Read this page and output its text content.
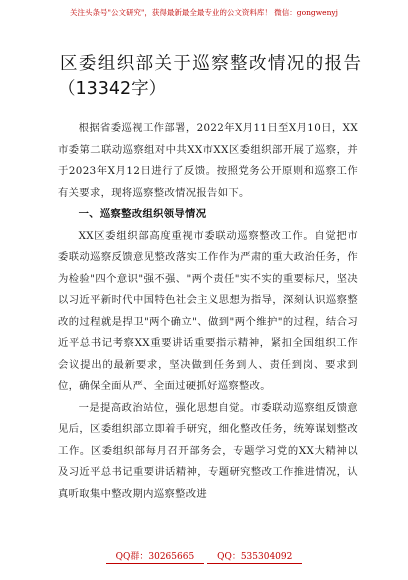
关注头条号"公文研究"，获得最新最全最专业的公文资料库！ 微信：gongwenyj
区委组织部关于巡察整改情况的报告
（13342字）

根据省委巡视工作部署，2022年X月11日至X月10日，XX市委第二联动巡察组对中共XX市XX区委组织部开展了巡察，并于2023年X月12日进行了反馈。按照党务公开原则和巡察工作有关要求，现将巡察整改情况报告如下。

一、巡察整改组织领导情况

XX区委组织部高度重视市委联动巡察整改工作。自觉把市委联动巡察反馈意见整改落实工作作为严肃的重大政治任务，作为检验"四个意识"强不强、"两个责任"实不实的重要标尺，坚决以习近平新时代中国特色社会主义思想为指导，深刻认识巡察整改的过程就是捍卫"两个确立"、做到"两个维护"的过程，结合习近平总书记考察XX重要讲话重要指示精神，紧扣全国组织工作会议提出的最新要求，坚决做到任务到人、责任到岗、要求到位，确保全面从严、全面过硬抓好巡察整改。

一是提高政治站位，强化思想自觉。市委联动巡察组反馈意见后，区委组织部立即着手研究，细化整改任务，统筹谋划整改工作。区委组织部每月召开部务会，专题学习党的XX大精神以及习近平总书记重要讲话精神，专题研究整改工作推进情况，认真听取集中整改期内巡察整改进

QQ群：30265665	QQ：535304092
